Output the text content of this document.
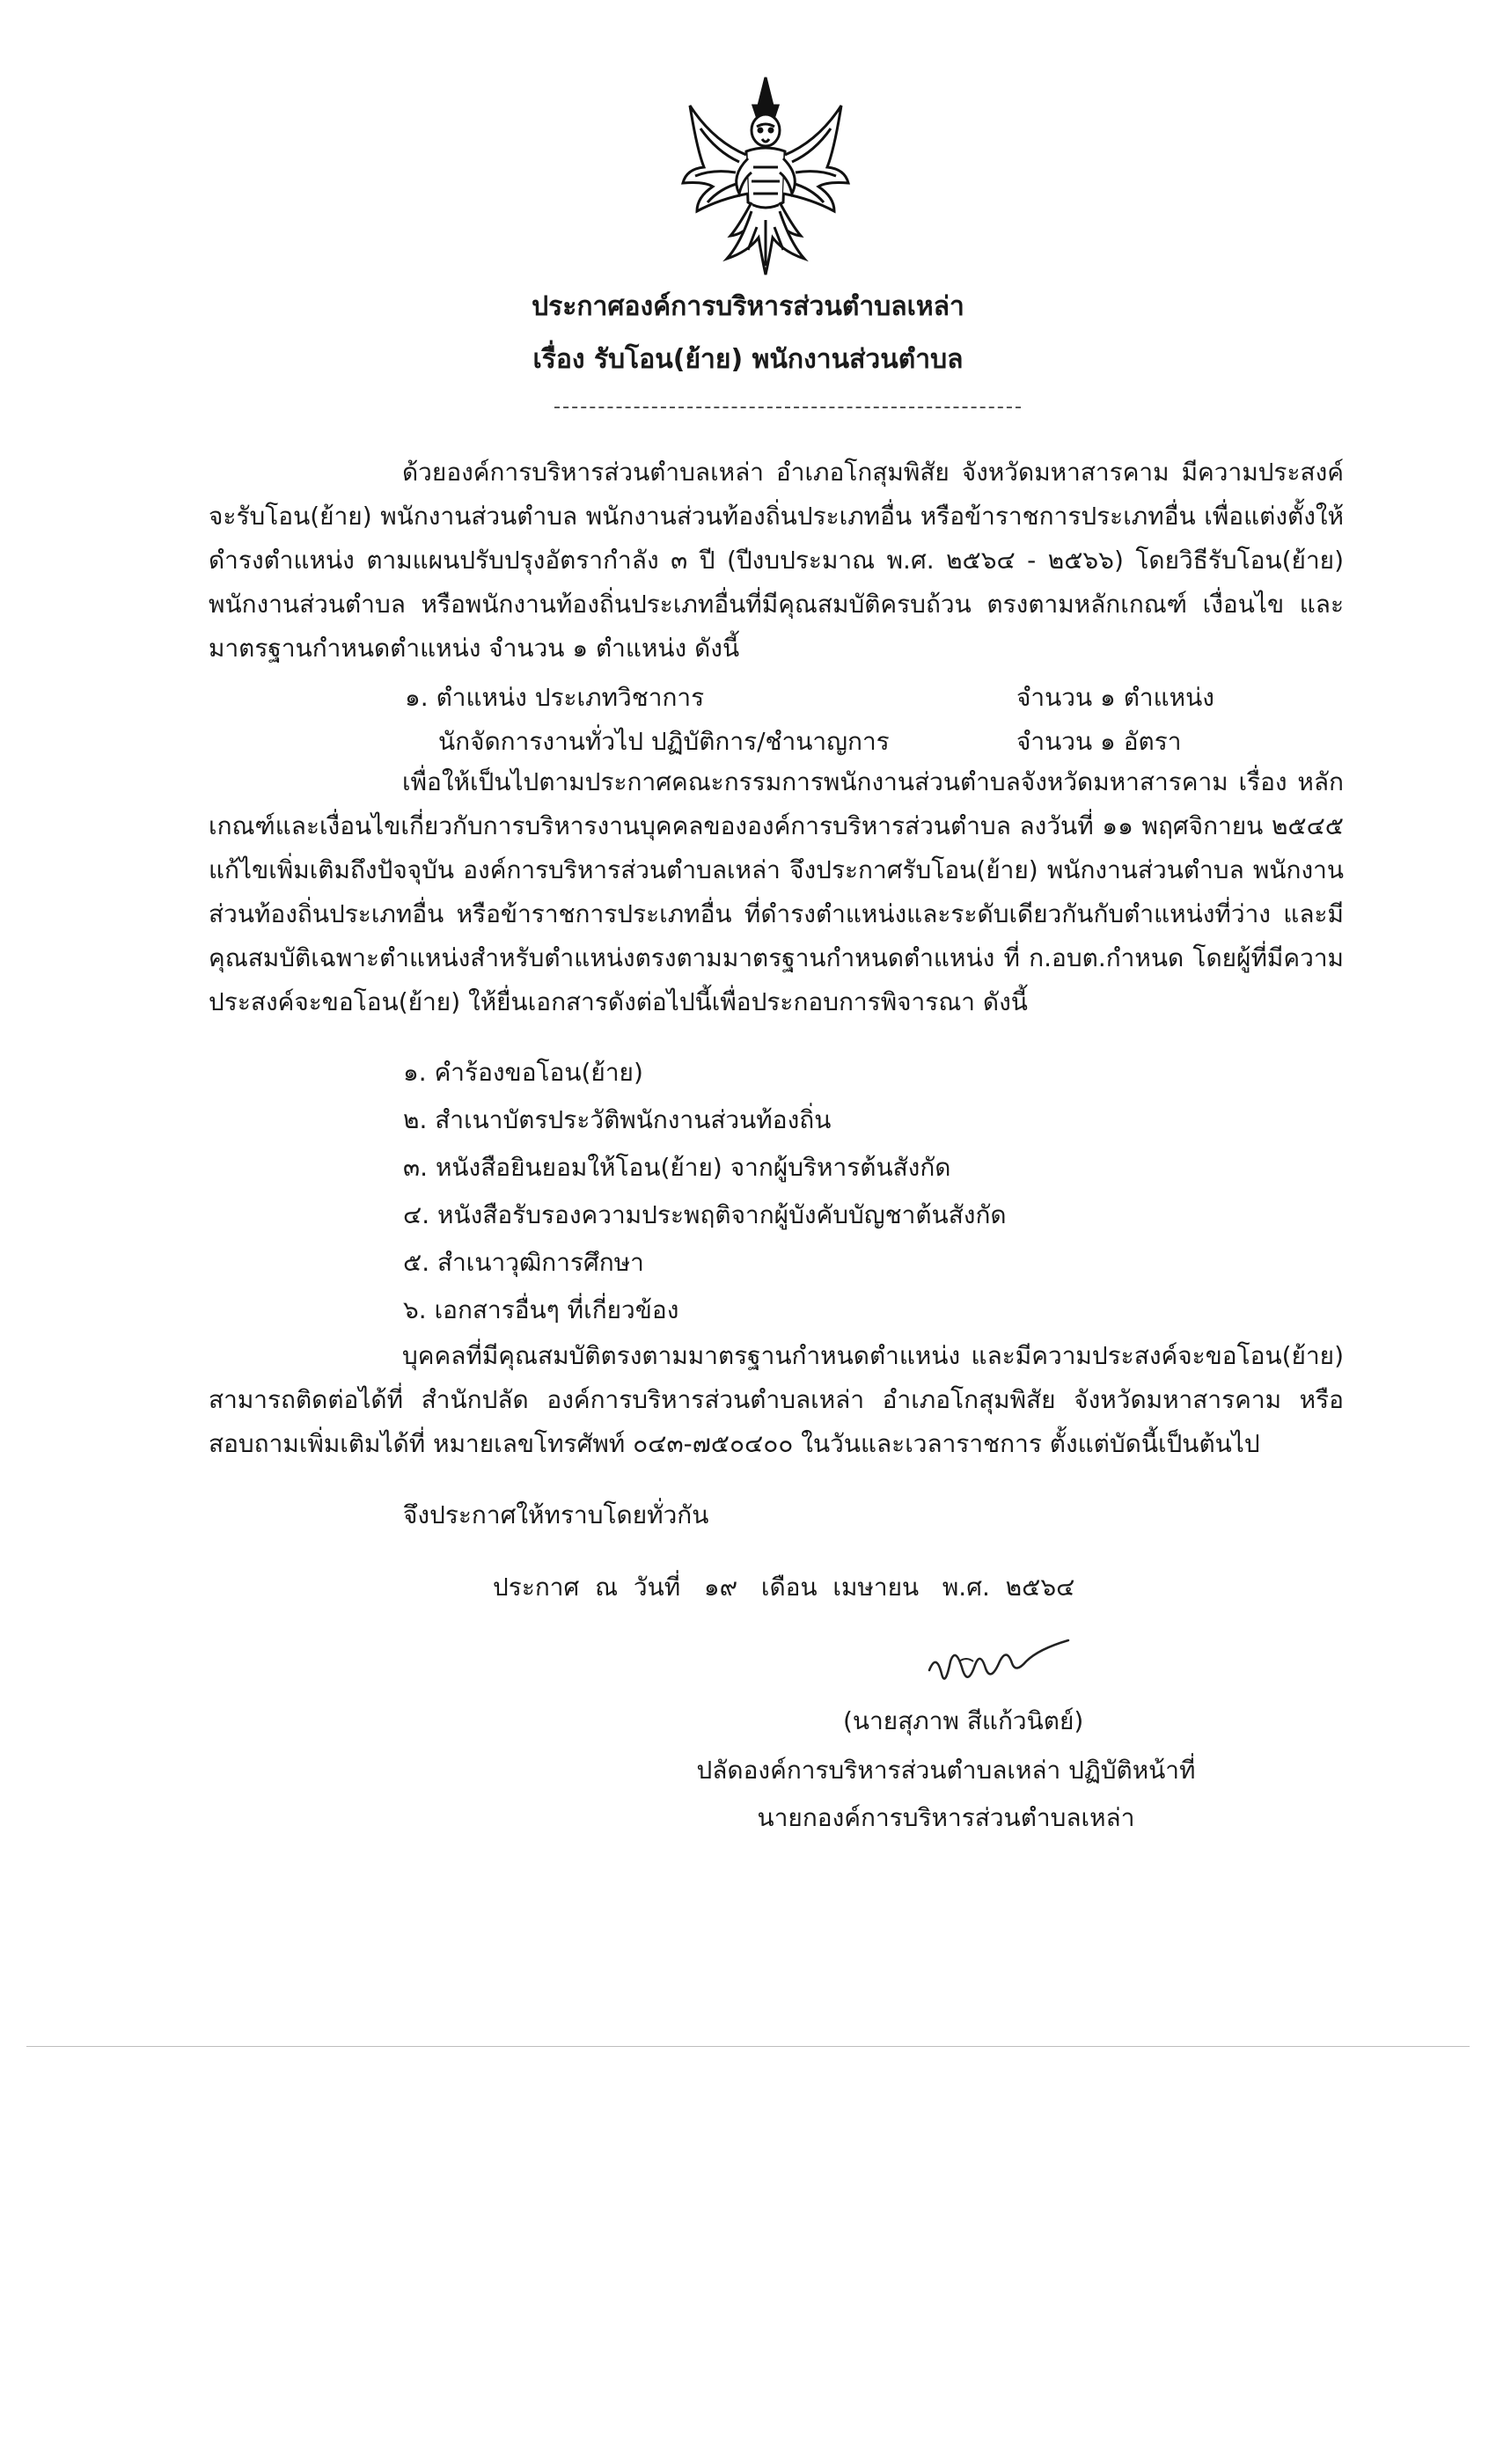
ประกาศองค์การบริหารส่วนตำบลเหล่า
เรื่อง รับโอน(ย้าย) พนักงานส่วนตำบล

ด้วยองค์การบริหารส่วนตำบลเหล่า อำเภอโกสุมพิสัย จังหวัดมหาสารคาม มีความประสงค์จะรับโอน(ย้าย) พนักงานส่วนตำบล พนักงานส่วนท้องถิ่นประเภทอื่น หรือข้าราชการประเภทอื่น เพื่อแต่งตั้งให้ดำรงตำแหน่ง ตามแผนปรับปรุงอัตรากำลัง ๓ ปี (ปีงบประมาณ พ.ศ. ๒๕๖๔ - ๒๕๖๖) โดยวิธีรับโอน(ย้าย) พนักงานส่วนตำบล หรือพนักงานท้องถิ่นประเภทอื่นที่มีคุณสมบัติครบถ้วน ตรงตามหลักเกณฑ์ เงื่อนไข และมาตรฐานกำหนดตำแหน่ง จำนวน ๑ ตำแหน่ง ดังนี้

๑. ตำแหน่ง ประเภทวิชาการ	จำนวน ๑ ตำแหน่ง
นักจัดการงานทั่วไป ปฏิบัติการ/ชำนาญการ	จำนวน ๑ อัตรา

เพื่อให้เป็นไปตามประกาศคณะกรรมการพนักงานส่วนตำบลจังหวัดมหาสารคาม เรื่อง หลักเกณฑ์และเงื่อนไขเกี่ยวกับการบริหารงานบุคคลขององค์การบริหารส่วนตำบล ลงวันที่ ๑๑ พฤศจิกายน ๒๕๔๕ แก้ไขเพิ่มเติมถึงปัจจุบัน องค์การบริหารส่วนตำบลเหล่า จึงประกาศรับโอน(ย้าย) พนักงานส่วนตำบล พนักงานส่วนท้องถิ่นประเภทอื่น หรือข้าราชการประเภทอื่น ที่ดำรงตำแหน่งและระดับเดียวกันกับตำแหน่งที่ว่าง และมีคุณสมบัติเฉพาะตำแหน่งสำหรับตำแหน่งตรงตามมาตรฐานกำหนดตำแหน่ง ที่ ก.อบต.กำหนด โดยผู้ที่มีความประสงค์จะขอโอน(ย้าย) ให้ยื่นเอกสารดังต่อไปนี้เพื่อประกอบการพิจารณา ดังนี้

๑. คำร้องขอโอน(ย้าย)
๒. สำเนาบัตรประวัติพนักงานส่วนท้องถิ่น
๓. หนังสือยินยอมให้โอน(ย้าย) จากผู้บริหารต้นสังกัด
๔. หนังสือรับรองความประพฤติจากผู้บังคับบัญชาต้นสังกัด
๕. สำเนาวุฒิการศึกษา
๖. เอกสารอื่นๆ ที่เกี่ยวข้อง

บุคคลที่มีคุณสมบัติตรงตามมาตรฐานกำหนดตำแหน่ง และมีความประสงค์จะขอโอน(ย้าย) สามารถติดต่อได้ที่ สำนักปลัด องค์การบริหารส่วนตำบลเหล่า อำเภอโกสุมพิสัย จังหวัดมหาสารคาม หรือสอบถามเพิ่มเติมได้ที่ หมายเลขโทรศัพท์ ๐๔๓-๗๕๐๔๐๐ ในวันและเวลาราชการ ตั้งแต่บัดนี้เป็นต้นไป

จึงประกาศให้ทราบโดยทั่วกัน
ประกาศ  ณ  วันที่   ๑๙   เดือน  เมษายน   พ.ศ.  ๒๕๖๔
(นายสุภาพ สีแก้วนิตย์)
ปลัดองค์การบริหารส่วนตำบลเหล่า ปฏิบัติหน้าที่
นายกองค์การบริหารส่วนตำบลเหล่า
